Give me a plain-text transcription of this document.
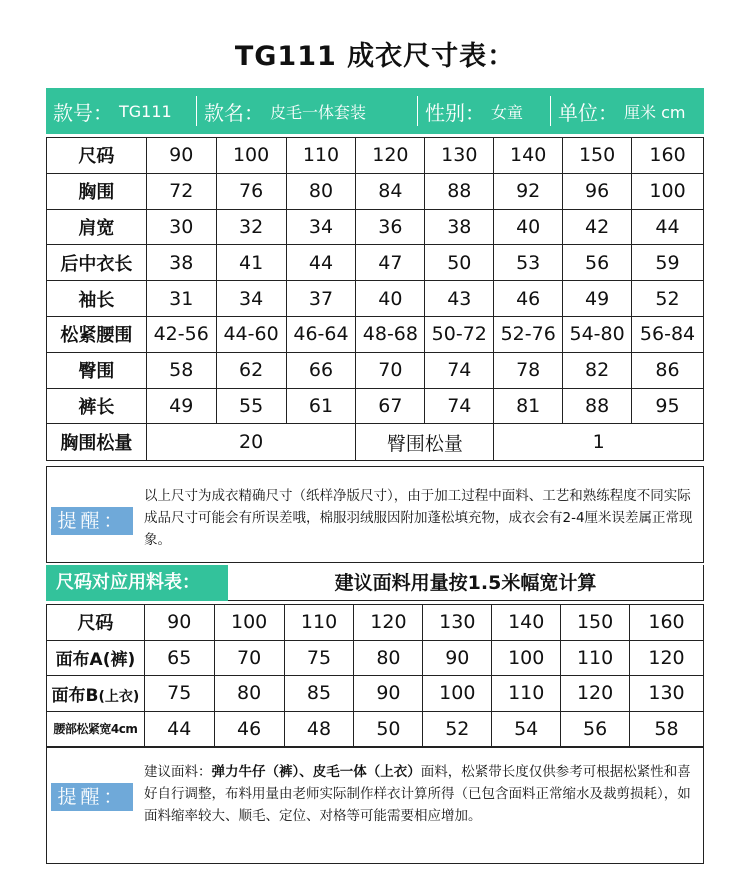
TG111 成衣尺寸表：
款号： TG111 款名： 皮毛一体套装	性别： 女童 单位： 厘米 cm
尺码	90	100	110	120	130	140	150	160
胸围	72	76	80	84	88	92	96	100
肩宽	30	32	34	36	38	40	42	44
后中衣长	38	41	44	47	50	53	56	59
袖长	31	34	37	40	43	46	49	52
松紧腰围	42-56	44-60	46-64	48-68	50-72	52-76	54-80	56-84
臀围	58	62	66	70	74	78	82	86
裤长	49	55	61	67	74	81	88	95
胸围松量	20			臀围松量		1		
提醒：
以上尺寸为成衣精确尺寸（纸样净版尺寸），由于加工过程中面料、工艺和熟练程度不同实际成品尺寸可能会有所误差哦，棉服羽绒服因附加蓬松填充物，成衣会有2-4厘米误差属正常现象。
尺码对应用料表：	建议面料用量按1.5米幅宽计算
尺码	90	100	110	120	130	140	150	160
面布A(裤)	65	70	75	80	90	100	110	120
面布B(上衣)	75	80	85	90	100	110	120	130
腰部松紧宽4cm	44	46	48	50	52	54	56	58
提醒：
建议面料：弹力牛仔（裤）、皮毛一体（上衣）面料，松紧带长度仅供参考可根据松紧性和喜好自行调整，布料用量由老师实际制作样衣计算所得（已包含面料正常缩水及裁剪损耗），如面料缩率较大、顺毛、定位、对格等可能需要相应增加。
